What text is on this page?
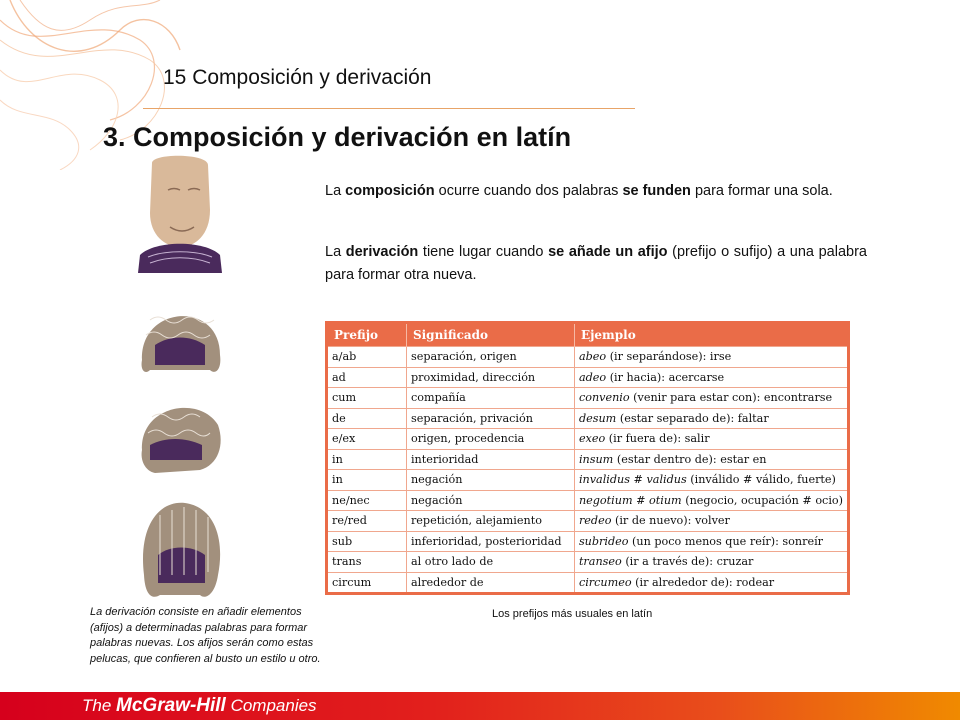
15 Composición y derivación
3. Composición y derivación en latín
La composición ocurre cuando dos palabras se funden para formar una sola.
La derivación tiene lugar cuando se añade un afijo (prefijo o sufijo) a una palabra para formar otra nueva.
Prefijo	Significado	Ejemplo
a/ab	separación, origen	abeo (ir separándose): irse
ad	proximidad, dirección	adeo (ir hacia): acercarse
cum	compañía	convenio (venir para estar con): encontrarse
de	separación, privación	desum (estar separado de): faltar
e/ex	origen, procedencia	exeo (ir fuera de): salir
in	interioridad	insum (estar dentro de): estar en
in	negación	invalidus # validus (inválido # válido, fuerte)
ne/nec	negación	negotium # otium (negocio, ocupación # ocio)
re/red	repetición, alejamiento	redeo (ir de nuevo): volver
sub	inferioridad, posterioridad	subrideo (un poco menos que reír): sonreír
trans	al otro lado de	transeo (ir a través de): cruzar
circum	alrededor de	circumeo (ir alrededor de): rodear
Los prefijos más usuales en latín
La derivación consiste en añadir elementos (afijos) a determinadas palabras para formar palabras nuevas. Los afijos serán como estas pelucas, que confieren al busto un estilo u otro.
The McGraw-Hill Companies
